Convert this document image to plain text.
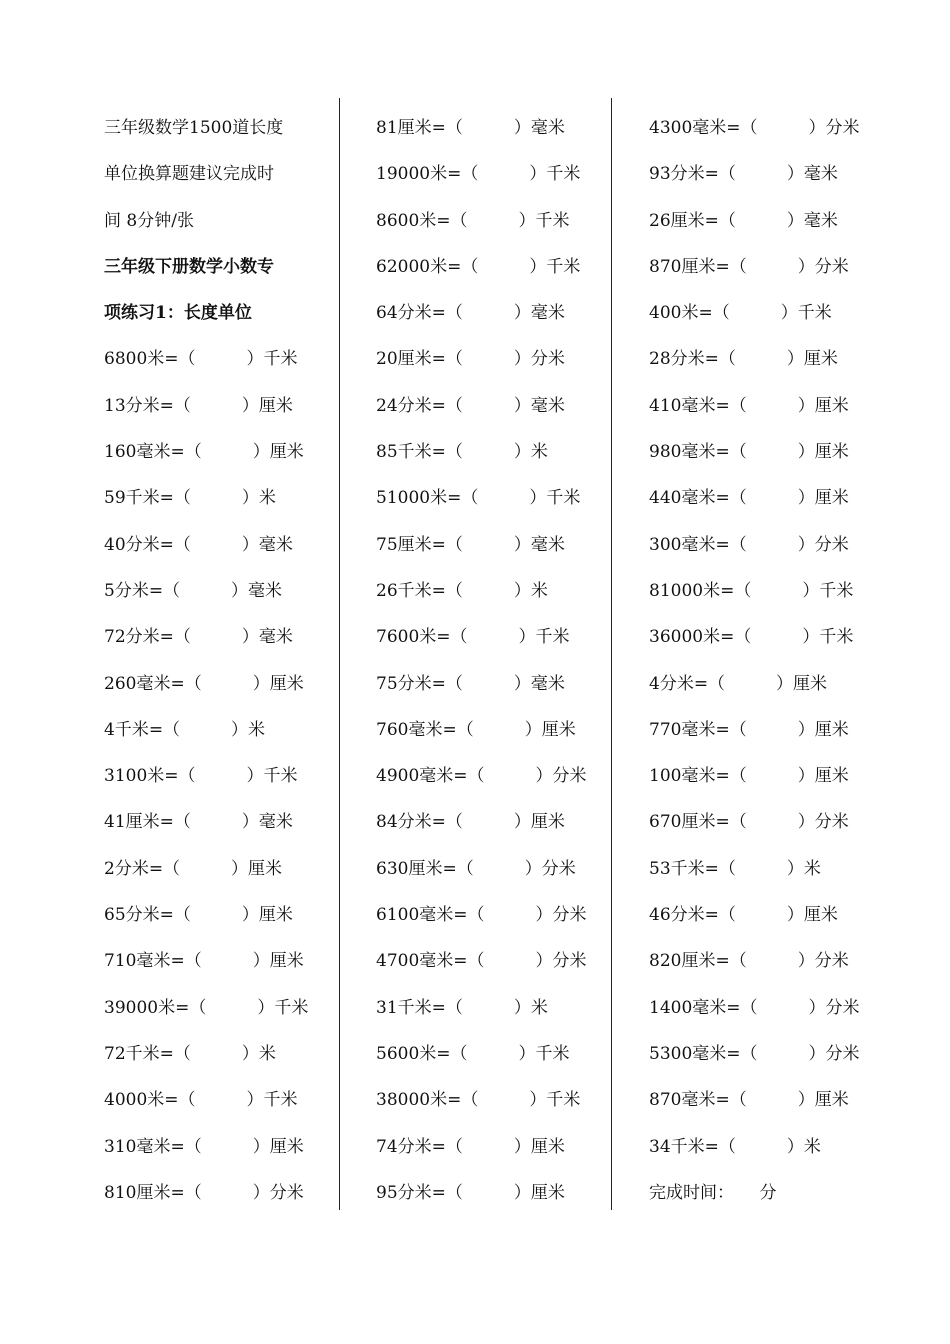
三年级数学1500道长度
单位换算题建议完成时
间 8分钟/张
三年级下册数学小数专
项练习1：长度单位
6800米=（　　　）千米
13分米=（　　　）厘米
160毫米=（　　　）厘米
59千米=（　　　）米
40分米=（　　　）毫米
5分米=（　　　）毫米
72分米=（　　　）毫米
260毫米=（　　　）厘米
4千米=（　　　）米
3100米=（　　　）千米
41厘米=（　　　）毫米
2分米=（　　　）厘米
65分米=（　　　）厘米
710毫米=（　　　）厘米
39000米=（　　　）千米
72千米=（　　　）米
4000米=（　　　）千米
310毫米=（　　　）厘米
810厘米=（　　　）分米
81厘米=（　　　）毫米
19000米=（　　　）千米
8600米=（　　　）千米
62000米=（　　　）千米
64分米=（　　　）毫米
20厘米=（　　　）分米
24分米=（　　　）毫米
85千米=（　　　）米
51000米=（　　　）千米
75厘米=（　　　）毫米
26千米=（　　　）米
7600米=（　　　）千米
75分米=（　　　）毫米
760毫米=（　　　）厘米
4900毫米=（　　　）分米
84分米=（　　　）厘米
630厘米=（　　　）分米
6100毫米=（　　　）分米
4700毫米=（　　　）分米
31千米=（　　　）米
5600米=（　　　）千米
38000米=（　　　）千米
74分米=（　　　）厘米
95分米=（　　　）厘米
4300毫米=（　　　）分米
93分米=（　　　）毫米
26厘米=（　　　）毫米
870厘米=（　　　）分米
400米=（　　　）千米
28分米=（　　　）厘米
410毫米=（　　　）厘米
980毫米=（　　　）厘米
440毫米=（　　　）厘米
300毫米=（　　　）分米
81000米=（　　　）千米
36000米=（　　　）千米
4分米=（　　　）厘米
770毫米=（　　　）厘米
100毫米=（　　　）厘米
670厘米=（　　　）分米
53千米=（　　　）米
46分米=（　　　）厘米
820厘米=（　　　）分米
1400毫米=（　　　）分米
5300毫米=（　　　）分米
870毫米=（　　　）厘米
34千米=（　　　）米
完成时间：　　分
